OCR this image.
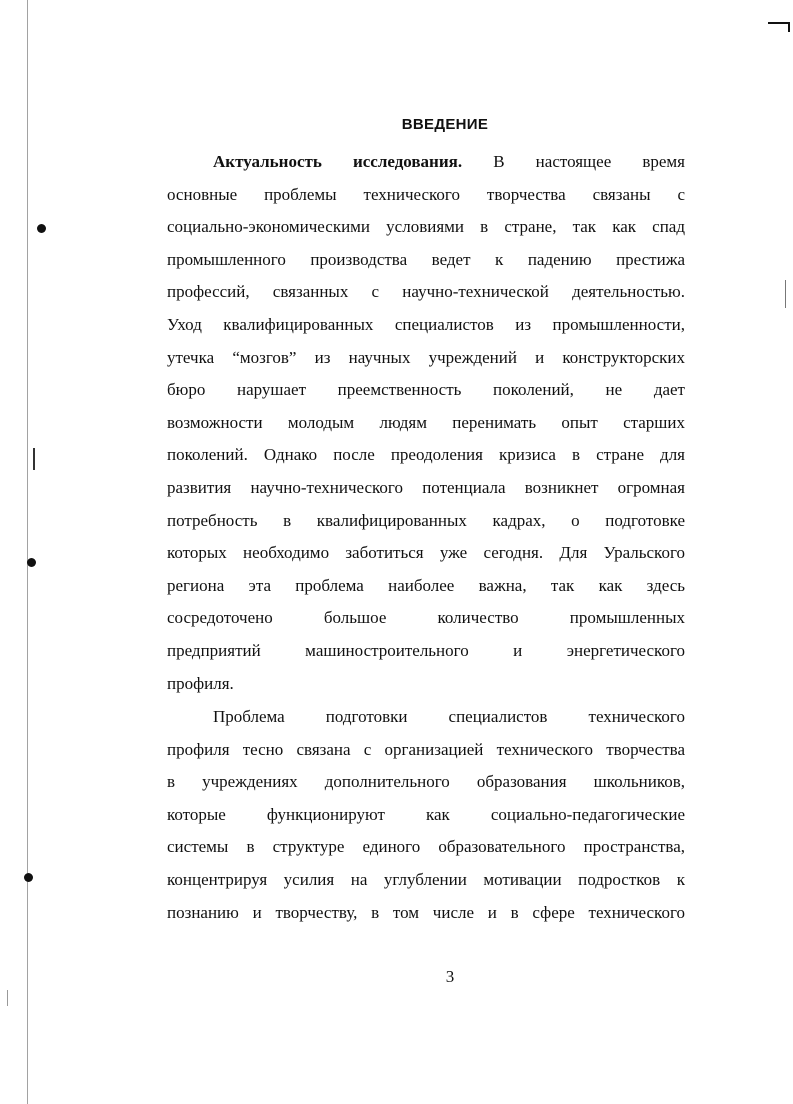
ВВЕДЕНИЕ
Актуальность исследования. В настоящее время
основные проблемы технического творчества связаны с
социально-экономическими условиями в стране, так как спад
промышленного производства ведет к падению престижа
профессий, связанных с научно-технической деятельностью.
Уход квалифицированных специалистов из промышленности,
утечка “мозгов” из научных учреждений и конструкторских
бюро нарушает преемственность поколений, не дает
возможности молодым людям перенимать опыт старших
поколений. Однако после преодоления кризиса в стране для
развития научно-технического потенциала возникнет огромная
потребность в квалифицированных кадрах, о подготовке
которых необходимо заботиться уже сегодня. Для Уральского
региона эта проблема наиболее важна, так как здесь
сосредоточено большое количество промышленных
предприятий машиностроительного и энергетического
профиля.
Проблема подготовки специалистов технического
профиля тесно связана с организацией технического творчества
в учреждениях дополнительного образования школьников,
которые функционируют как социально-педагогические
системы в структуре единого образовательного пространства,
концентрируя усилия на углублении мотивации подростков к
познанию и творчеству, в том числе и в сфере технического
3
